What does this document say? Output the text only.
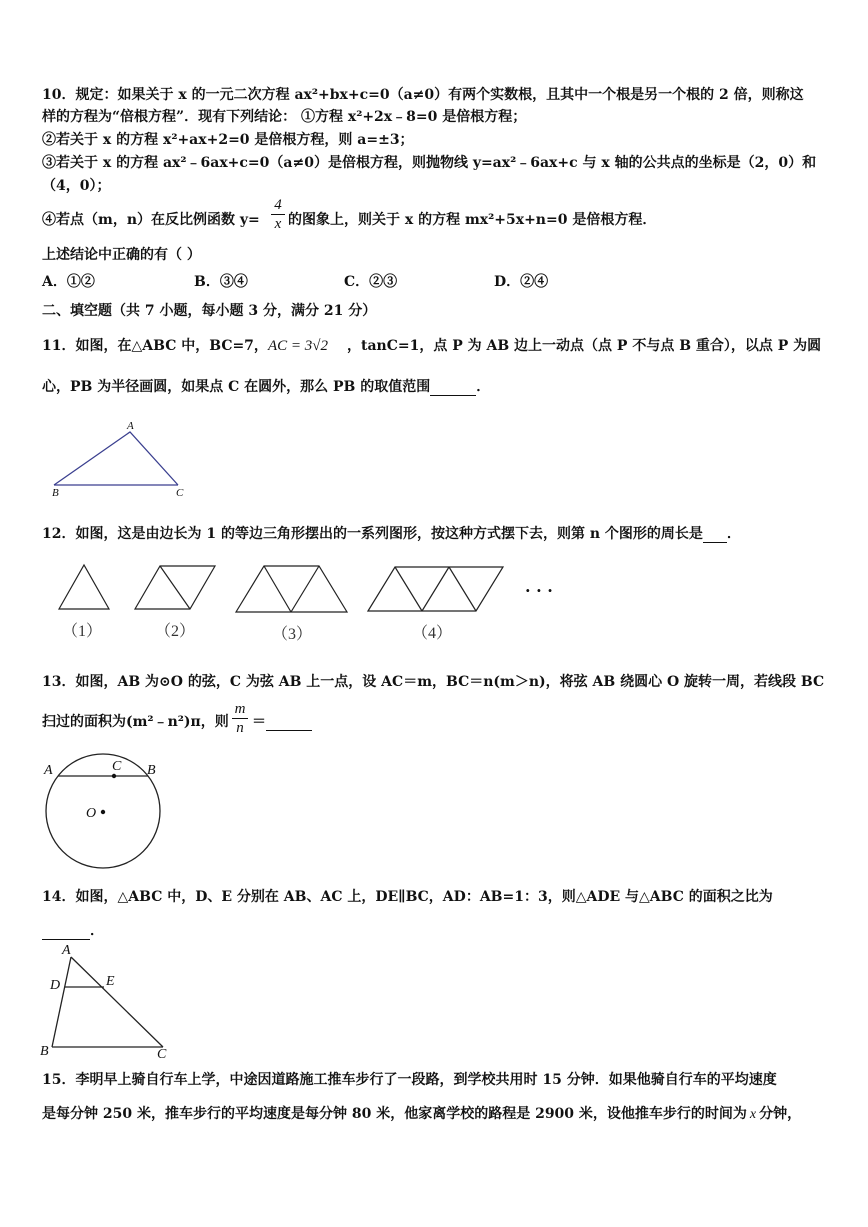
10．规定：如果关于 x 的一元二次方程 ax²+bx+c=0（a≠0）有两个实数根，且其中一个根是另一个根的 2 倍，则称这
样的方程为“倍根方程”．现有下列结论： ①方程 x²+2x﹣8=0 是倍根方程；
②若关于 x 的方程 x²+ax+2=0 是倍根方程，则 a=±3；
③若关于 x 的方程 ax²﹣6ax+c=0（a≠0）是倍根方程，则抛物线 y=ax²﹣6ax+c 与 x 轴的公共点的坐标是（2，0）和
（4，0）；
④若点（m，n）在反比例函数 y=
4
x 的图象上，则关于 x 的方程 mx²+5x+n=0 是倍根方程．
上述结论中正确的有（ ）
A．①②	B．③④	C．②③	D．②④
二、填空题（共 7 小题，每小题 3 分，满分 21 分）
11．如图，在△ABC 中，BC=7， AC = 3√2 ，tanC=1，点 P 为 AB 边上一动点（点 P 不与点 B 重合），以点 P 为圆
心，PB 为半径画圆，如果点 C 在圆外，那么 PB 的取值范围	．
A
B	C
12．如图，这是由边长为 1 的等边三角形摆出的一系列图形，按这种方式摆下去，则第 n 个图形的周长是 ．
· · ·
（1）	（2）	（3）	（4）
13．如图，AB 为⊙O 的弦，C 为弦 AB 上一点，设 AC＝m，BC＝n(m＞n)，将弦 AB 绕圆心 O 旋转一周，若线段 BC
扫过的面积为(m²﹣n²)π，则
m
n ＝
A	C B
O
14．如图，△ABC 中，D、E 分别在 AB、AC 上，DE∥BC，AD：AB=1：3，则△ADE 与△ABC 的面积之比为
．
A
D	E
B	C
15．李明早上骑自行车上学，中途因道路施工推车步行了一段路，到学校共用时 15 分钟．如果他骑自行车的平均速度
是每分钟 250 米，推车步行的平均速度是每分钟 80 米，他家离学校的路程是 2900 米，设他推车步行的时间为 x 分钟，
